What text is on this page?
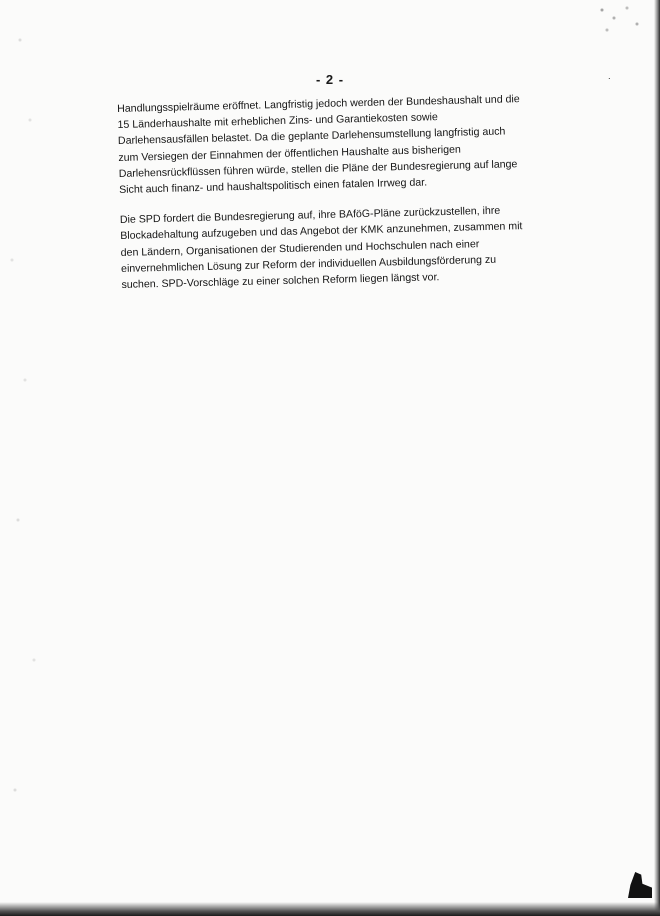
˙
- 2 -
Handlungsspielräume eröffnet. Langfristig jedoch werden der Bundeshaushalt und die
15 Länderhaushalte mit erheblichen Zins- und Garantiekosten sowie
Darlehensausfällen belastet. Da die geplante Darlehensumstellung langfristig auch
zum Versiegen der Einnahmen der öffentlichen Haushalte aus bisherigen
Darlehensrückflüssen führen würde, stellen die Pläne der Bundesregierung auf lange
Sicht auch finanz- und haushaltspolitisch einen fatalen Irrweg dar.
Die SPD fordert die Bundesregierung auf, ihre BAföG-Pläne zurückzustellen, ihre
Blockadehaltung aufzugeben und das Angebot der KMK anzunehmen, zusammen mit
den Ländern, Organisationen der Studierenden und Hochschulen nach einer
einvernehmlichen Lösung zur Reform der individuellen Ausbildungsförderung zu
suchen. SPD-Vorschläge zu einer solchen Reform liegen längst vor.
